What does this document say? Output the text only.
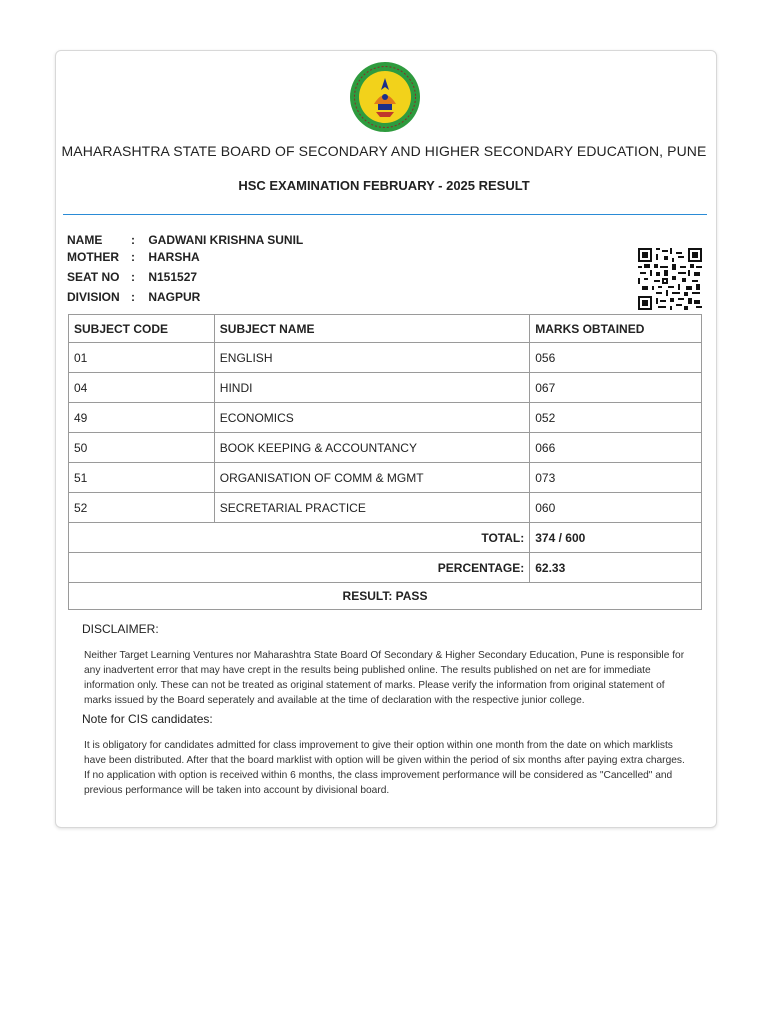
MAHARASHTRA STATE BOARD OF SECONDARY AND HIGHER SECONDARY EDUCATION, PUNE
HSC EXAMINATION FEBRUARY - 2025 RESULT
NAME : GADWANI KRISHNA SUNIL
MOTHER : HARSHA
SEAT NO : N151527
DIVISION : NAGPUR
SUBJECT CODE	SUBJECT NAME	MARKS OBTAINED
01	ENGLISH	056
04	HINDI	067
49	ECONOMICS	052
50	BOOK KEEPING & ACCOUNTANCY	066
51	ORGANISATION OF COMM & MGMT	073
52	SECRETARIAL PRACTICE	060
TOTAL:		374 / 600
PERCENTAGE:		62.33
RESULT: PASS		
DISCLAIMER:
Neither Target Learning Ventures nor Maharashtra State Board Of Secondary & Higher Secondary Education, Pune is responsible for any inadvertent error that may have crept in the results being published online. The results published on net are for immediate information only. These can not be treated as original statement of marks. Please verify the information from original statement of marks issued by the Board seperately and available at the time of declaration with the respective junior college.
Note for CIS candidates:
It is obligatory for candidates admitted for class improvement to give their option within one month from the date on which marklists have been distributed. After that the board marklist with option will be given within the period of six months after paying extra charges. If no application with option is received within 6 months, the class improvement performance will be considered as "Cancelled" and previous performance will be taken into account by divisional board.
